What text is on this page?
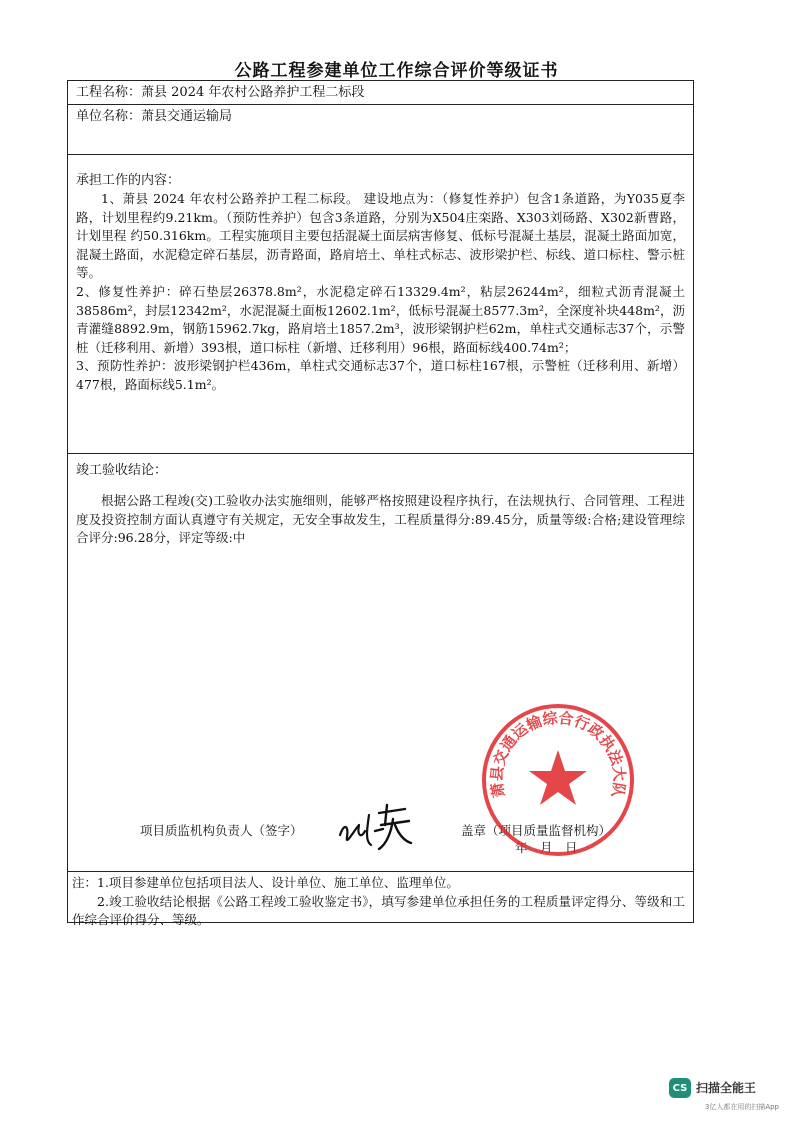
公路工程参建单位工作综合评价等级证书
工程名称：萧县 2024 年农村公路养护工程二标段
单位名称：萧县交通运输局
承担工作的内容：

1、萧县 2024 年农村公路养护工程二标段。 建设地点为：（修复性养护）包含1条道路，为Y035夏李路，计划里程约9.21km。（预防性养护）包含3条道路，分别为X504庄栾路、X303刘砀路、X302新曹路，计划里程 约50.316km。工程实施项目主要包括混凝土面层病害修复、低标号混凝土基层，混凝土路面加宽，混凝土路面，水泥稳定碎石基层，沥青路面，路肩培土、单柱式标志、波形梁护栏、标线、道口标柱、警示桩等。

2、修复性养护：碎石垫层26378.8m²，水泥稳定碎石13329.4m²，粘层26244m²，细粒式沥青混凝土38586m²，封层12342m²，水泥混凝土面板12602.1m²，低标号混凝土8577.3m²，全深度补块448m²，沥青灌缝8892.9m，钢筋15962.7kg，路肩培土1857.2m³，波形梁钢护栏62m，单柱式交通标志37个，示警桩（迁移利用、新增）393根，道口标柱（新增、迁移利用）96根，路面标线400.74m²；

3、预防性养护：波形梁钢护栏436m，单柱式交通标志37个，道口标柱167根，示警桩（迁移利用、新增）477根，路面标线5.1m²。

竣工验收结论：

根据公路工程竣(交)工验收办法实施细则，能够严格按照建设程序执行，在法规执行、合同管理、工程进度及投资控制方面认真遵守有关规定，无安全事故发生，工程质量得分:89.45分，质量等级:合格;建设管理综合评分:96.28分，评定等级:中

项目质监机构负责人（签字）	盖章（项目质量监督机构）
年　月　日

注：1.项目参建单位包括项目法人、设计单位、施工单位、监理单位。

2.竣工验收结论根据《公路工程竣工验收鉴定书》，填写参建单位承担任务的工程质量评定得分、等级和工作综合评价得分、等级。

萧县交通运输综合行政执法大队
CS 扫描全能王
3亿人都在用的扫描App
